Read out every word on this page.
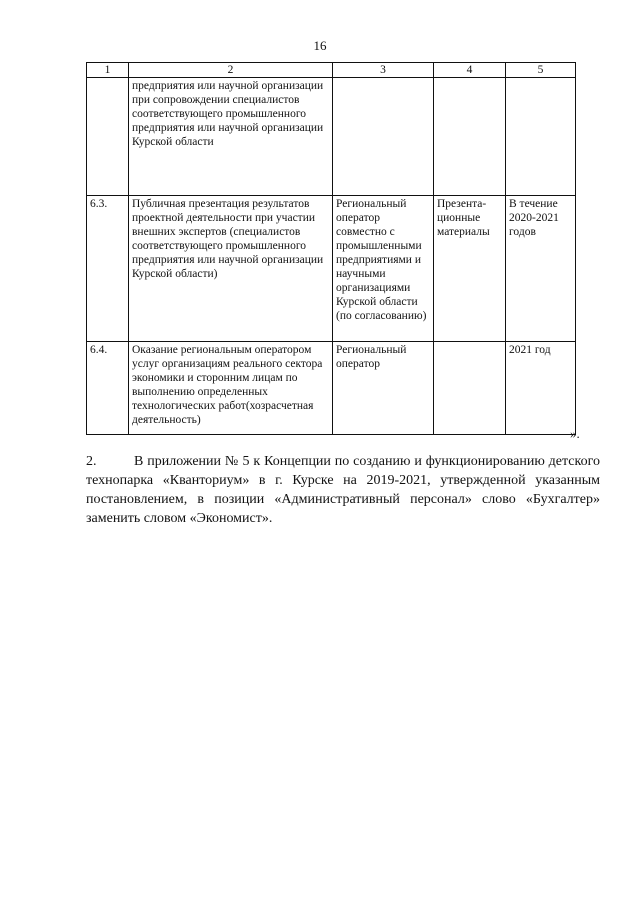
16
1	2	3	4	5
	предприятия или научной организации при сопровождении специалистов соответствующего промышленного предприятия или научной организации Курской области			
6.3.	Публичная презентация результатов проектной деятельности при участии внешних экспертов (специалистов соответствующего промышленного предприятия или научной организации Курской области)	Региональный оператор совместно с промышленными предприятиями и научными организациями Курской области (по согласованию)	Презента-ционные материалы	В течение 2020-2021 годов
6.4.	Оказание региональным оператором услуг организациям реального сектора экономики и сторонним лицам по выполнению определенных технологических работ(хозрасчетная деятельность)	Региональный оператор		2021 год
».
2.	В приложении № 5 к Концепции по созданию и функционированию детского технопарка «Кванториум» в г. Курске на 2019-2021, утвержденной указанным постановлением, в позиции «Административный персонал» слово «Бухгалтер» заменить словом «Экономист».
